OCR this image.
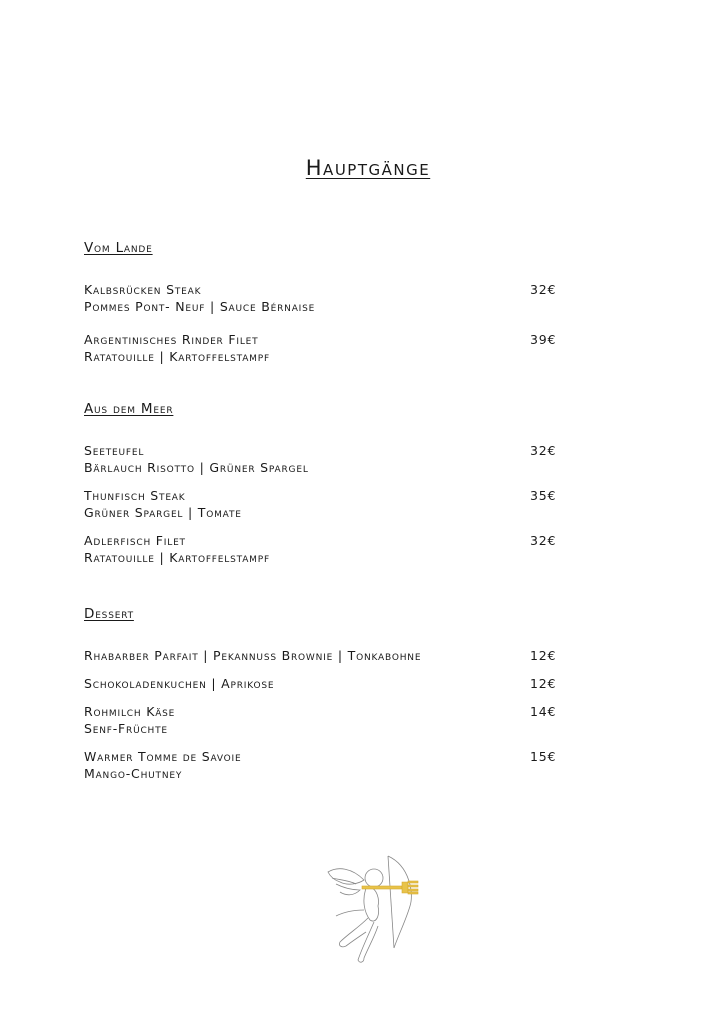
Hauptgänge
Vom Lande
Kalbsrücken Steak
Pommes Pont- Neuf | Sauce Bérnaise
32€
Argentinisches Rinder Filet
Ratatouille | Kartoffelstampf
39€
Aus dem Meer
Seeteufel
Bärlauch Risotto | Grüner Spargel
32€
Thunfisch Steak
Grüner Spargel | Tomate
35€
Adlerfisch Filet
Ratatouille | Kartoffelstampf
32€
Dessert
Rhabarber Parfait | Pekannuss Brownie | Tonkabohne	12€
Schokoladenkuchen | Aprikose	12€
Rohmilch Käse
Senf-Früchte
14€
Warmer Tomme de Savoie
Mango-Chutney
15€
